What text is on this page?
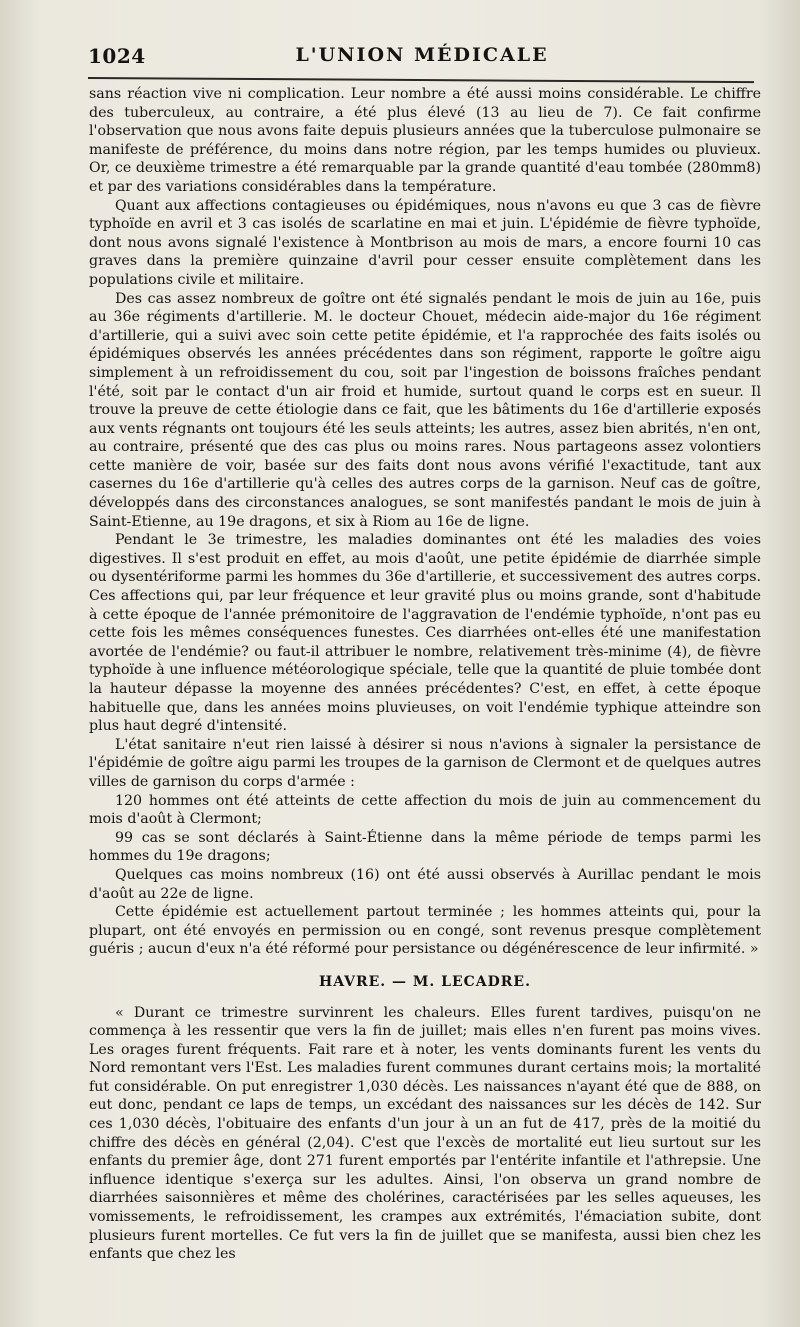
1024	L'UNION MÉDICALE

sans réaction vive ni complication. Leur nombre a été aussi moins considérable. Le chiffre des tuberculeux, au contraire, a été plus élevé (13 au lieu de 7). Ce fait confirme l'observation que nous avons faite depuis plusieurs années que la tuberculose pulmonaire se manifeste de préférence, du moins dans notre région, par les temps humides ou pluvieux. Or, ce deuxième trimestre a été remarquable par la grande quantité d'eau tombée (280mm8) et par des variations considérables dans la température.

Quant aux affections contagieuses ou épidémiques, nous n'avons eu que 3 cas de fièvre typhoïde en avril et 3 cas isolés de scarlatine en mai et juin. L'épidémie de fièvre typhoïde, dont nous avons signalé l'existence à Montbrison au mois de mars, a encore fourni 10 cas graves dans la première quinzaine d'avril pour cesser ensuite complètement dans les populations civile et militaire.

Des cas assez nombreux de goître ont été signalés pendant le mois de juin au 16e, puis au 36e régiments d'artillerie. M. le docteur Chouet, médecin aide-major du 16e régiment d'artillerie, qui a suivi avec soin cette petite épidémie, et l'a rapprochée des faits isolés ou épidémiques observés les années précédentes dans son régiment, rapporte le goître aigu simplement à un refroidissement du cou, soit par l'ingestion de boissons fraîches pendant l'été, soit par le contact d'un air froid et humide, surtout quand le corps est en sueur. Il trouve la preuve de cette étiologie dans ce fait, que les bâtiments du 16e d'artillerie exposés aux vents régnants ont toujours été les seuls atteints; les autres, assez bien abrités, n'en ont, au contraire, présenté que des cas plus ou moins rares. Nous partageons assez volontiers cette manière de voir, basée sur des faits dont nous avons vérifié l'exactitude, tant aux casernes du 16e d'artillerie qu'à celles des autres corps de la garnison. Neuf cas de goître, développés dans des circonstances analogues, se sont manifestés pandant le mois de juin à Saint-Etienne, au 19e dragons, et six à Riom au 16e de ligne.

Pendant le 3e trimestre, les maladies dominantes ont été les maladies des voies digestives. Il s'est produit en effet, au mois d'août, une petite épidémie de diarrhée simple ou dysentériforme parmi les hommes du 36e d'artillerie, et successivement des autres corps. Ces affections qui, par leur fréquence et leur gravité plus ou moins grande, sont d'habitude à cette époque de l'année prémonitoire de l'aggravation de l'endémie typhoïde, n'ont pas eu cette fois les mêmes conséquences funestes. Ces diarrhées ont-elles été une manifestation avortée de l'endémie? ou faut-il attribuer le nombre, relativement très-minime (4), de fièvre typhoïde à une influence météorologique spéciale, telle que la quantité de pluie tombée dont la hauteur dépasse la moyenne des années précédentes? C'est, en effet, à cette époque habituelle que, dans les années moins pluvieuses, on voit l'endémie typhique atteindre son plus haut degré d'intensité.

L'état sanitaire n'eut rien laissé à désirer si nous n'avions à signaler la persistance de l'épidémie de goître aigu parmi les troupes de la garnison de Clermont et de quelques autres villes de garnison du corps d'armée :

120 hommes ont été atteints de cette affection du mois de juin au commencement du mois d'août à Clermont;

99 cas se sont déclarés à Saint-Étienne dans la même période de temps parmi les hommes du 19e dragons;

Quelques cas moins nombreux (16) ont été aussi observés à Aurillac pendant le mois d'août au 22e de ligne.

Cette épidémie est actuellement partout terminée ; les hommes atteints qui, pour la plupart, ont été envoyés en permission ou en congé, sont revenus presque complètement guéris ; aucun d'eux n'a été réformé pour persistance ou dégénérescence de leur infirmité. »

HAVRE. — M. LECADRE.

« Durant ce trimestre survinrent les chaleurs. Elles furent tardives, puisqu'on ne commença à les ressentir que vers la fin de juillet; mais elles n'en furent pas moins vives. Les orages furent fréquents. Fait rare et à noter, les vents dominants furent les vents du Nord remontant vers l'Est. Les maladies furent communes durant certains mois; la mortalité fut considérable. On put enregistrer 1,030 décès. Les naissances n'ayant été que de 888, on eut donc, pendant ce laps de temps, un excédant des naissances sur les décès de 142. Sur ces 1,030 décès, l'obituaire des enfants d'un jour à un an fut de 417, près de la moitié du chiffre des décès en général (2,04). C'est que l'excès de mortalité eut lieu surtout sur les enfants du premier âge, dont 271 furent emportés par l'entérite infantile et l'athrepsie. Une influence identique s'exerça sur les adultes. Ainsi, l'on observa un grand nombre de diarrhées saisonnières et même des cholérines, caractérisées par les selles aqueuses, les vomissements, le refroidissement, les crampes aux extrémités, l'émaciation subite, dont plusieurs furent mortelles. Ce fut vers la fin de juillet que se manifesta, aussi bien chez les enfants que chez les
